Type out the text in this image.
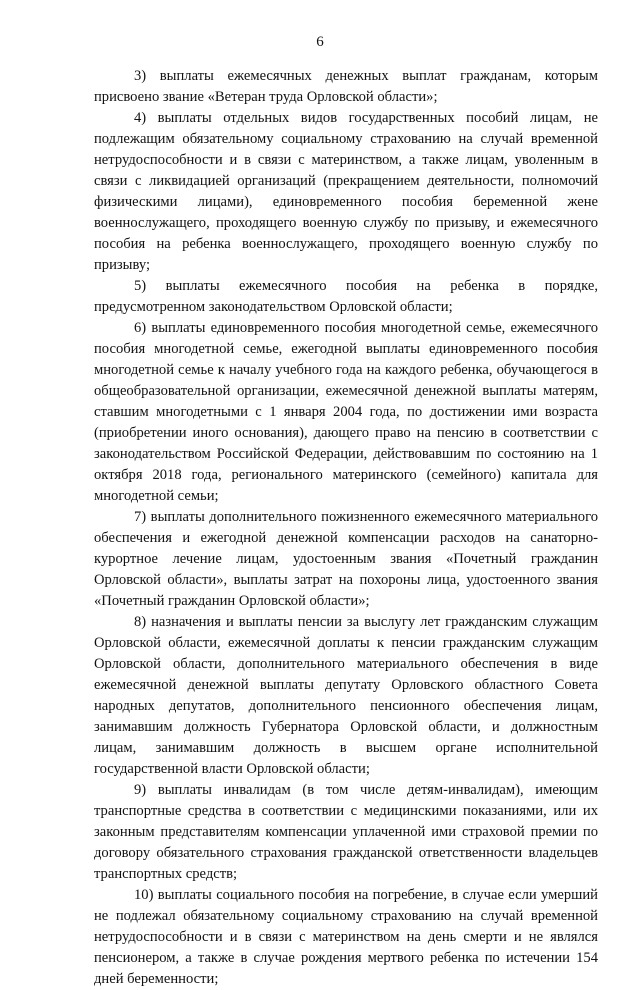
6

3) выплаты ежемесячных денежных выплат гражданам, которым присвоено звание «Ветеран труда Орловской области»;

4) выплаты отдельных видов государственных пособий лицам, не подлежащим обязательному социальному страхованию на случай временной нетрудоспособности и в связи с материнством, а также лицам, уволенным в связи с ликвидацией организаций (прекращением деятельности, полномочий физическими лицами), единовременного пособия беременной жене военнослужащего, проходящего военную службу по призыву, и ежемесячного пособия на ребенка военнослужащего, проходящего военную службу по призыву;

5) выплаты ежемесячного пособия на ребенка в порядке, предусмотренном законодательством Орловской области;

6) выплаты единовременного пособия многодетной семье, ежемесячного пособия многодетной семье, ежегодной выплаты единовременного пособия многодетной семье к началу учебного года на каждого ребенка, обучающегося в общеобразовательной организации, ежемесячной денежной выплаты матерям, ставшим многодетными с 1 января 2004 года, по достижении ими возраста (приобретении иного основания), дающего право на пенсию в соответствии с законодательством Российской Федерации, действовавшим по состоянию на 1 октября 2018 года, регионального материнского (семейного) капитала для многодетной семьи;

7) выплаты дополнительного пожизненного ежемесячного материального обеспечения и ежегодной денежной компенсации расходов на санаторно-курортное лечение лицам, удостоенным звания «Почетный гражданин Орловской области», выплаты затрат на похороны лица, удостоенного звания «Почетный гражданин Орловской области»;

8) назначения и выплаты пенсии за выслугу лет гражданским служащим Орловской области, ежемесячной доплаты к пенсии гражданским служащим Орловской области, дополнительного материального обеспечения в виде ежемесячной денежной выплаты депутату Орловского областного Совета народных депутатов, дополнительного пенсионного обеспечения лицам, занимавшим должность Губернатора Орловской области, и должностным лицам, занимавшим должность в высшем органе исполнительной государственной власти Орловской области;

9) выплаты инвалидам (в том числе детям-инвалидам), имеющим транспортные средства в соответствии с медицинскими показаниями, или их законным представителям компенсации уплаченной ими страховой премии по договору обязательного страхования гражданской ответственности владельцев транспортных средств;

10) выплаты социального пособия на погребение, в случае если умерший не подлежал обязательному социальному страхованию на случай временной нетрудоспособности и в связи с материнством на день смерти и не являлся пенсионером, а также в случае рождения мертвого ребенка по истечении 154 дней беременности;
